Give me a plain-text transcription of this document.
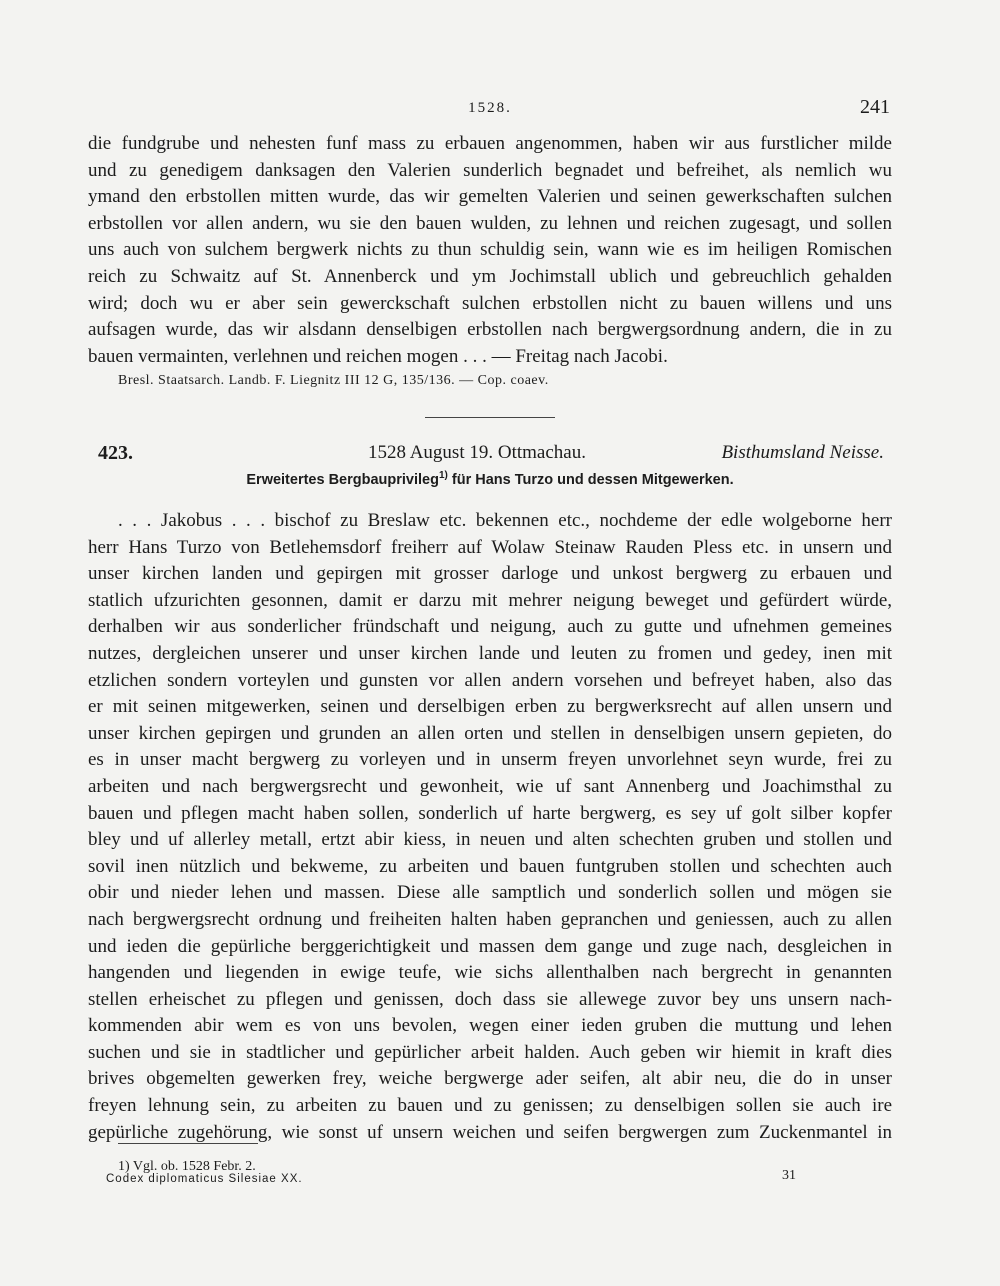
1528.	241
die fundgrube und nehesten funf mass zu erbauen angenommen, haben wir aus furstlicher milde
und zu genedigem danksagen den Valerien sunderlich begnadet und befreihet, als nemlich wu
ymand den erbstollen mitten wurde, das wir gemelten Valerien und seinen gewerkschaften sulchen
erbstollen vor allen andern, wu sie den bauen wulden, zu lehnen und reichen zugesagt, und sollen
uns auch von sulchem bergwerk nichts zu thun schuldig sein, wann wie es im heiligen Romischen
reich zu Schwaitz auf St. Annenberck und ym Jochimstall ublich und gebreuchlich gehalden
wird; doch wu er aber sein gewerckschaft sulchen erbstollen nicht zu bauen willens und uns
aufsagen wurde, das wir alsdann denselbigen erbstollen nach bergwergsordnung andern, die in zu
bauen vermainten, verlehnen und reichen mogen . . . — Freitag nach Jacobi.
Bresl. Staatsarch. Landb. F. Liegnitz III 12 G, 135/136. — Cop. coaev.
423.	1528 August 19. Ottmachau.	Bisthumsland Neisse.
Erweitertes Bergbauprivileg$^{1)}$ für Hans Turzo und dessen Mitgewerken.
. . . Jakobus . . . bischof zu Breslaw etc. bekennen etc., nochdeme der edle wolgeborne herr
herr Hans Turzo von Betlehemsdorf freiherr auf Wolaw Steinaw Rauden Pless etc. in unsern und
unser kirchen landen und gepirgen mit grosser darloge und unkost bergwerg zu erbauen und
statlich ufzurichten gesonnen, damit er darzu mit mehrer neigung beweget und gefürdert würde,
derhalben wir aus sonderlicher fründschaft und neigung, auch zu gutte und ufnehmen gemeines
nutzes, dergleichen unserer und unser kirchen lande und leuten zu fromen und gedey, inen mit
etzlichen sondern vorteylen und gunsten vor allen andern vorsehen und befreyet haben, also das
er mit seinen mitgewerken, seinen und derselbigen erben zu bergwerksrecht auf allen unsern und
unser kirchen gepirgen und grunden an allen orten und stellen in denselbigen unsern gepieten, do
es in unser macht bergwerg zu vorleyen und in unserm freyen unvorlehnet seyn wurde, frei zu
arbeiten und nach bergwergsrecht und gewonheit, wie uf sant Annenberg und Joachimsthal zu
bauen und pflegen macht haben sollen, sonderlich uf harte bergwerg, es sey uf golt silber kopfer
bley und uf allerley metall, ertzt abir kiess, in neuen und alten schechten gruben und stollen und
sovil inen nützlich und bekweme, zu arbeiten und bauen funtgruben stollen und schechten auch
obir und nieder lehen und massen. Diese alle samptlich und sonderlich sollen und mögen sie
nach bergwergsrecht ordnung und freiheiten halten haben gepranchen und geniessen, auch zu allen
und ieden die gepürliche berggerichtigkeit und massen dem gange und zuge nach, desgleichen in
hangenden und liegenden in ewige teufe, wie sichs allenthalben nach bergrecht in genannten
stellen erheischet zu pflegen und genissen, doch dass sie allewege zuvor bey uns unsern nach-
kommenden abir wem es von uns bevolen, wegen einer ieden gruben die muttung und lehen
suchen und sie in stadtlicher und gepürlicher arbeit halden. Auch geben wir hiemit in kraft dies
brives obgemelten gewerken frey, weiche bergwerge ader seifen, alt abir neu, die do in unser
freyen lehnung sein, zu arbeiten zu bauen und zu genissen; zu denselbigen sollen sie auch ire
gepürliche zugehörung, wie sonst uf unsern weichen und seifen bergwergen zum Zuckenmantel in
1) Vgl. ob. 1528 Febr. 2.
Codex diplomaticus Silesiae XX.	31
